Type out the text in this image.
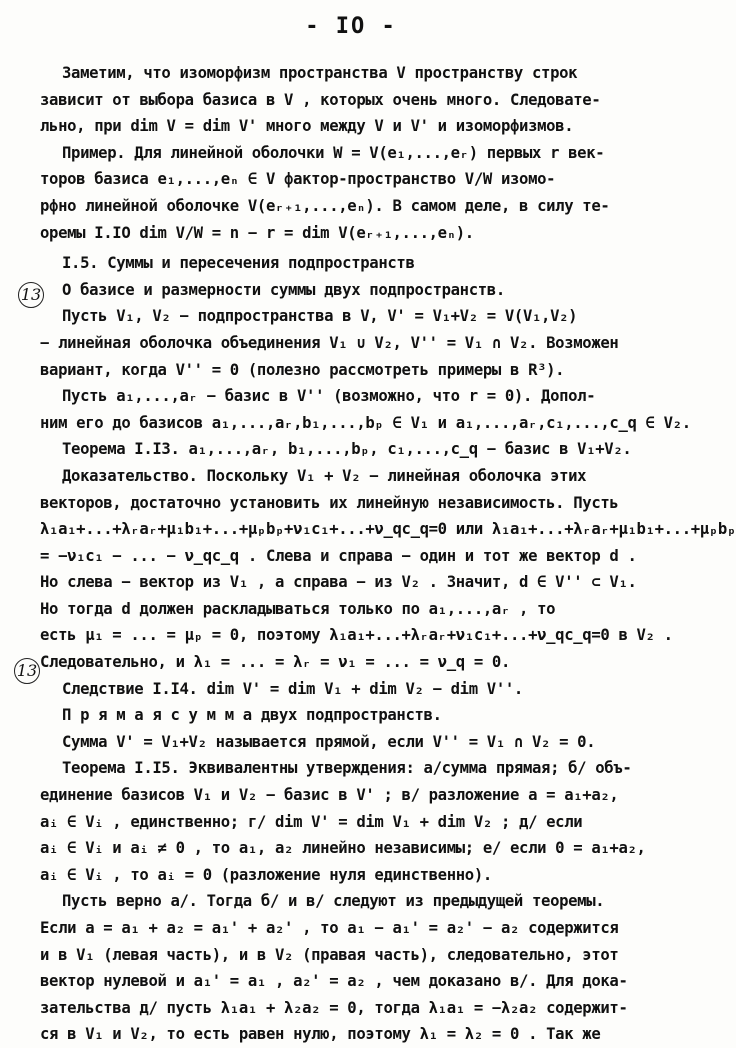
- IO -
13
13
Заметим, что изоморфизм пространства V пространству строк
зависит от выбора базиса в V , которых очень много. Следовате-
льно, при dim V = dim V' много между V и V' и изоморфизмов.
Пример. Для линейной оболочки W = V(e₁,...,eᵣ) первых r век-
торов базиса e₁,...,eₙ ∈ V фактор-пространство V/W изомо-
рфно линейной оболочке V(eᵣ₊₁,...,eₙ). В самом деле, в силу те-
оремы I.IO dim V/W = n − r = dim V(eᵣ₊₁,...,eₙ).
I.5. Суммы и пересечения подпространств
О базисе и размерности суммы двух подпространств.
Пусть V₁, V₂ − подпространства в V, V' = V₁+V₂ = V(V₁,V₂)
− линейная оболочка объединения V₁ ∪ V₂, V'' = V₁ ∩ V₂. Возможен
вариант, когда V'' = 0 (полезно рассмотреть примеры в R³).
Пусть a₁,...,aᵣ − базис в V'' (возможно, что r = 0). Допол-
ним его до базисов a₁,...,aᵣ,b₁,...,bₚ ∈ V₁ и a₁,...,aᵣ,c₁,...,c_q ∈ V₂.
Теорема I.I3. a₁,...,aᵣ, b₁,...,bₚ, c₁,...,c_q − базис в V₁+V₂.
Доказательство. Поскольку V₁ + V₂ − линейная оболочка этих
векторов, достаточно установить их линейную независимость. Пусть
λ₁a₁+...+λᵣaᵣ+μ₁b₁+...+μₚbₚ+ν₁c₁+...+ν_qc_q=0 или λ₁a₁+...+λᵣaᵣ+μ₁b₁+...+μₚbₚ
= −ν₁c₁ − ... − ν_qc_q . Слева и справа − один и тот же вектор d .
Но слева − вектор из V₁ , а справа − из V₂ . Значит, d ∈ V'' ⊂ V₁.
Но тогда d должен раскладываться только по a₁,...,aᵣ , то
есть μ₁ = ... = μₚ = 0, поэтому λ₁a₁+...+λᵣaᵣ+ν₁c₁+...+ν_qc_q=0 в V₂ .
Следовательно, и λ₁ = ... = λᵣ = ν₁ = ... = ν_q = 0.
Следствие I.I4. dim V' = dim V₁ + dim V₂ − dim V''.
П р я м а я с у м м а двух подпространств.
Сумма V' = V₁+V₂ называется прямой, если V'' = V₁ ∩ V₂ = 0.
Теорема I.I5. Эквивалентны утверждения: а/сумма прямая; б/ объ-
единение базисов V₁ и V₂ − базис в V' ; в/ разложение a = a₁+a₂,
aᵢ ∈ Vᵢ , единственно; г/ dim V' = dim V₁ + dim V₂ ; д/ если
aᵢ ∈ Vᵢ и aᵢ ≠ 0 , то a₁, a₂ линейно независимы; е/ если 0 = a₁+a₂,
aᵢ ∈ Vᵢ , то aᵢ = 0 (разложение нуля единственно).
Пусть верно а/. Тогда б/ и в/ следуют из предыдущей теоремы.
Если a = a₁ + a₂ = a₁' + a₂' , то a₁ − a₁' = a₂' − a₂ содержится
и в V₁ (левая часть), и в V₂ (правая часть), следовательно, этот
вектор нулевой и a₁' = a₁ , a₂' = a₂ , чем доказано в/. Для дока-
зательства д/ пусть λ₁a₁ + λ₂a₂ = 0, тогда λ₁a₁ = −λ₂a₂ содержит-
ся в V₁ и V₂, то есть равен нулю, поэтому λ₁ = λ₂ = 0 . Так же
